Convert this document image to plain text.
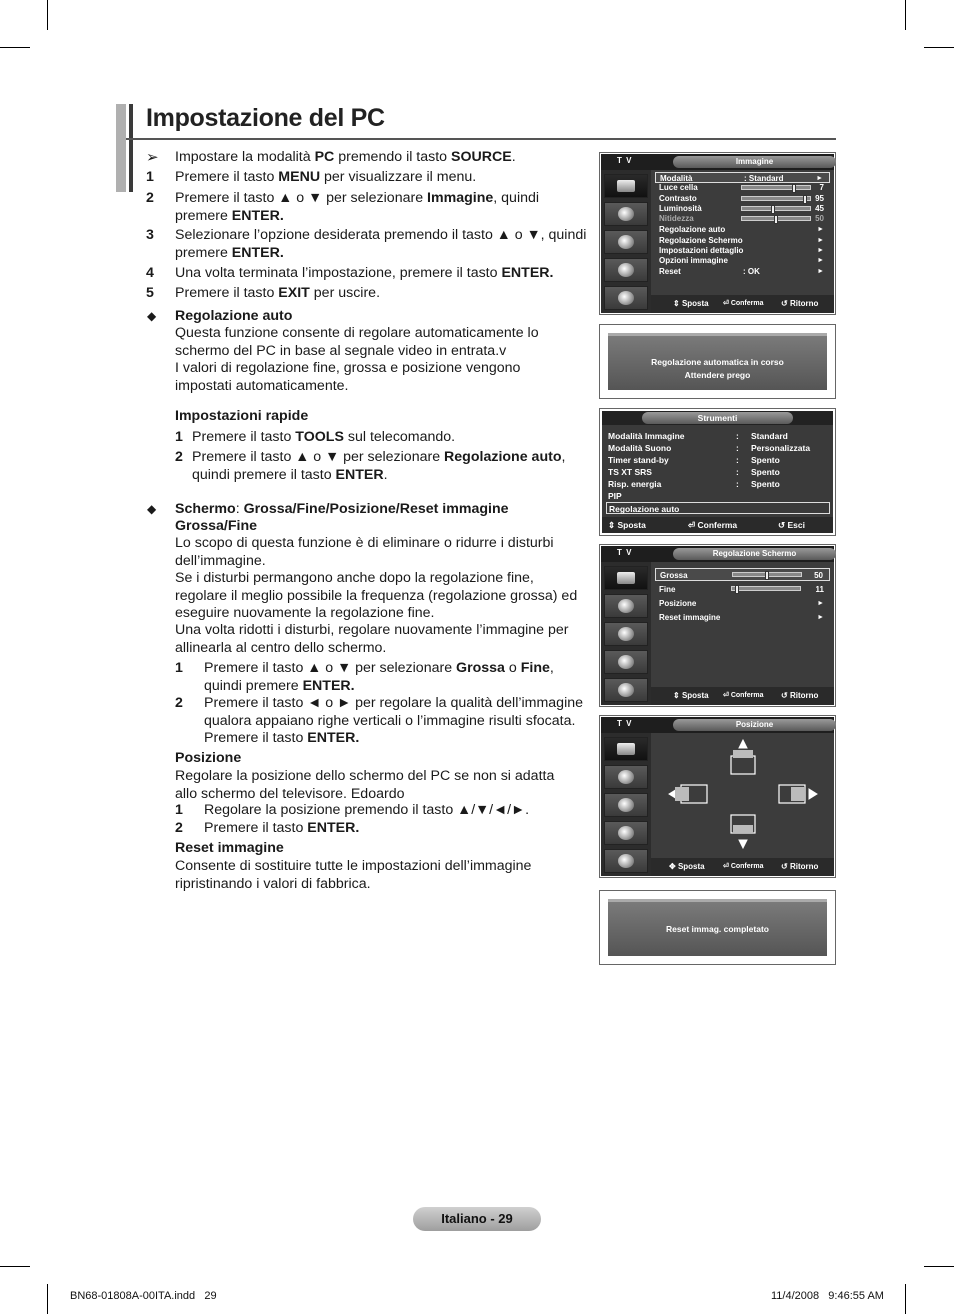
Impostazione del PC
➢ Impostare la modalità PC premendo il tasto SOURCE.
1 Premere il tasto MENU per visualizzare il menu.
2 Premere il tasto ▲ o ▼ per selezionare Immagine, quindi premere ENTER.
3 Selezionare l’opzione desiderata premendo il tasto ▲ o ▼, quindi premere ENTER.
4 Una volta terminata l’impostazione, premere il tasto ENTER.
5 Premere il tasto EXIT per uscire.
◆ Regolazione auto
Questa funzione consente di regolare automaticamente lo schermo del PC in base al segnale video in entrata.v
I valori di regolazione fine, grossa e posizione vengono impostati automaticamente.
Impostazioni rapide
1 Premere il tasto TOOLS sul telecomando.
2 Premere il tasto ▲ o ▼ per selezionare Regolazione auto, quindi premere il tasto ENTER.
◆ Schermo: Grossa/Fine/Posizione/Reset immagine
Grossa/Fine
Lo scopo di questa funzione è di eliminare o ridurre i disturbi dell’immagine.
Se i disturbi permangono anche dopo la regolazione fine, regolare il meglio possibile la frequenza (regolazione grossa) ed eseguire nuovamente la regolazione fine.
Una volta ridotti i disturbi, regolare nuovamente l’immagine per allinearla al centro dello schermo.
1 Premere il tasto ▲ o ▼ per selezionare Grossa o Fine, quindi premere ENTER.
2 Premere il tasto ◄ o ► per regolare la qualità dell’immagine qualora appaiano righe verticali o l’immagine risulti sfocata. Premere il tasto ENTER.
Posizione
Regolare la posizione dello schermo del PC se non si adatta allo schermo del televisore. Edoardo
1 Regolare la posizione premendo il tasto ▲/▼/◄/►.
2 Premere il tasto ENTER.
Reset immagine
Consente di sostituire tutte le impostazioni dell’immagine ripristinando i valori di fabbrica.
T V	Immagine
Modalità	: Standard	►
Luce cella	7
Contrasto	95
Luminosità	45
Nitidezza	50
Regolazione auto	►
Regolazione Schermo	►
Impostazioni dettaglio	►
Opzioni immagine	►
Reset	: OK	►
⇕ Sposta ⏎ Conferma ↺ Ritorno
Regolazione automatica in corso
Attendere prego
Strumenti
Modalità Immagine	: Standard
Modalità Suono	: Personalizzata
Timer stand-by	: Spento
TS XT SRS	: Spento
Risp. energia	: Spento
PIP
Regolazione auto
⇕ Sposta	⏎ Conferma	↺ Esci
T V	Regolazione Schermo
Grossa	50
Fine	11
Posizione	►
Reset immagine	►
⇕ Sposta ⏎ Conferma ↺ Ritorno
T V	Posizione
✥ Sposta	⏎ Conferma ↺ Ritorno
Reset immag. completato
Italiano - 29
BN68-01808A-00ITA.indd   29	11/4/2008   9:46:55 AM
